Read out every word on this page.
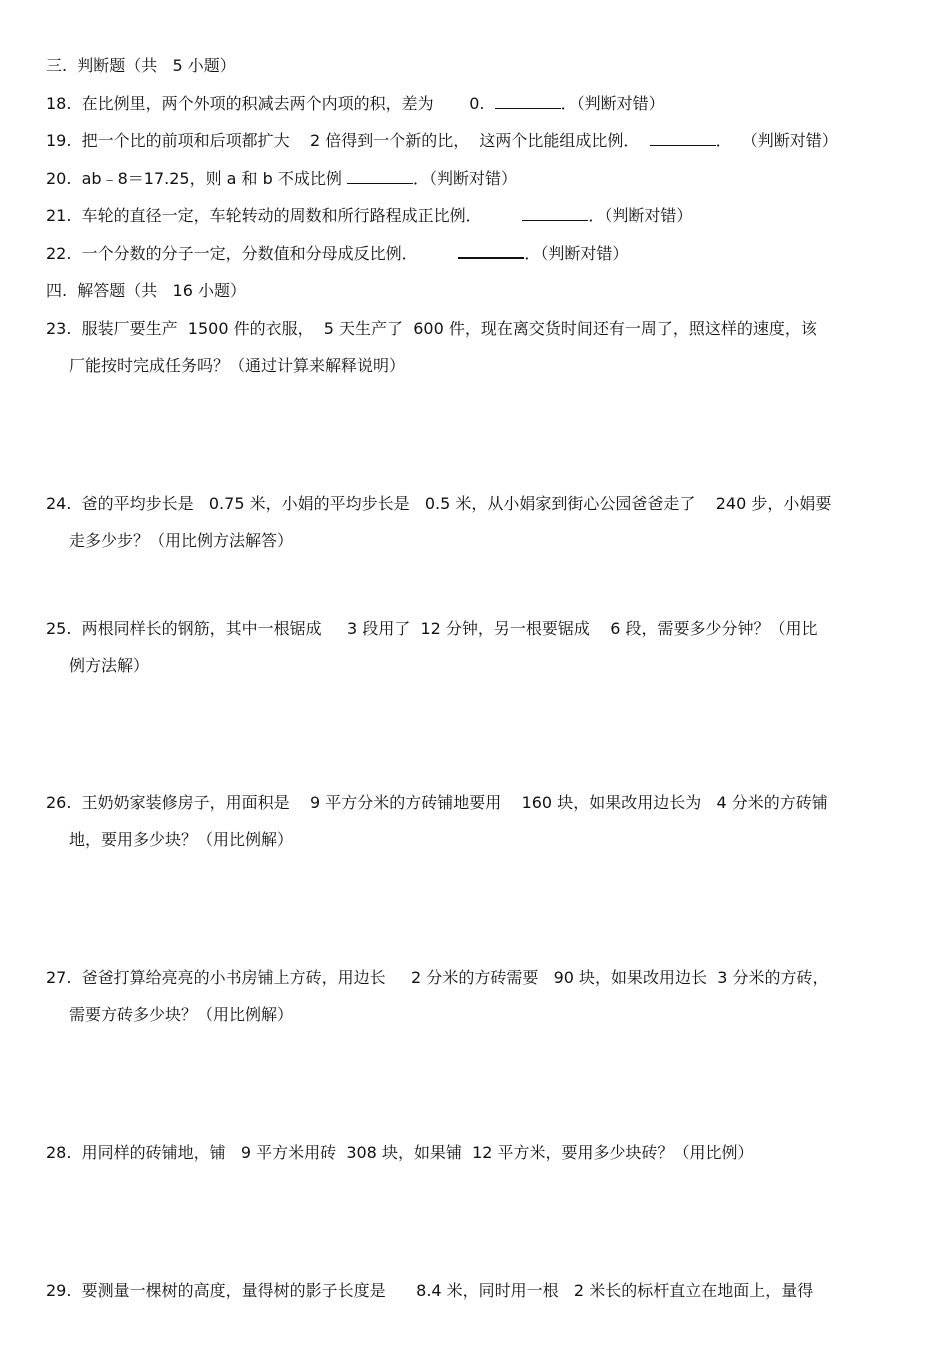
三.  判断题（共   5 小题）
18.  在比例里，两个外项的积减去两个内项的积，差为       0.	．（判断对错）
19.  把一个比的前项和后项都扩大    2 倍得到一个新的比，  这两个比能组成比例．	．  （判断对错）
20.  ab﹣8＝17.25，则 a 和 b 不成比例	．（判断对错）
21.  车轮的直径一定，车轮转动的周数和所行路程成正比例．	．（判断对错）
22.  一个分数的分子一定，分数值和分母成反比例．	．（判断对错）
四.  解答题（共   16 小题）
23.  服装厂要生产  1500 件的衣服，  5 天生产了  600 件，现在离交货时间还有一周了，照这样的速度，该
厂能按时完成任务吗？（通过计算来解释说明）
24.  爸的平均步长是   0.75 米，小娟的平均步长是   0.5 米，从小娟家到街心公园爸爸走了    240 步，小娟要
走多少步？（用比例方法解答）
25.  两根同样长的钢筋，其中一根锯成     3 段用了  12 分钟，另一根要锯成    6 段，需要多少分钟？（用比
例方法解）
26.  王奶奶家装修房子，用面积是    9 平方分米的方砖铺地要用    160 块，如果改用边长为   4 分米的方砖铺
地，要用多少块？（用比例解）
27.  爸爸打算给亮亮的小书房铺上方砖，用边长     2 分米的方砖需要   90 块，如果改用边长  3 分米的方砖，
需要方砖多少块？（用比例解）
28.  用同样的砖铺地，铺   9 平方米用砖  308 块，如果铺  12 平方米，要用多少块砖？（用比例）
29.  要测量一棵树的高度，量得树的影子长度是      8.4 米，同时用一根   2 米长的标杆直立在地面上，量得
